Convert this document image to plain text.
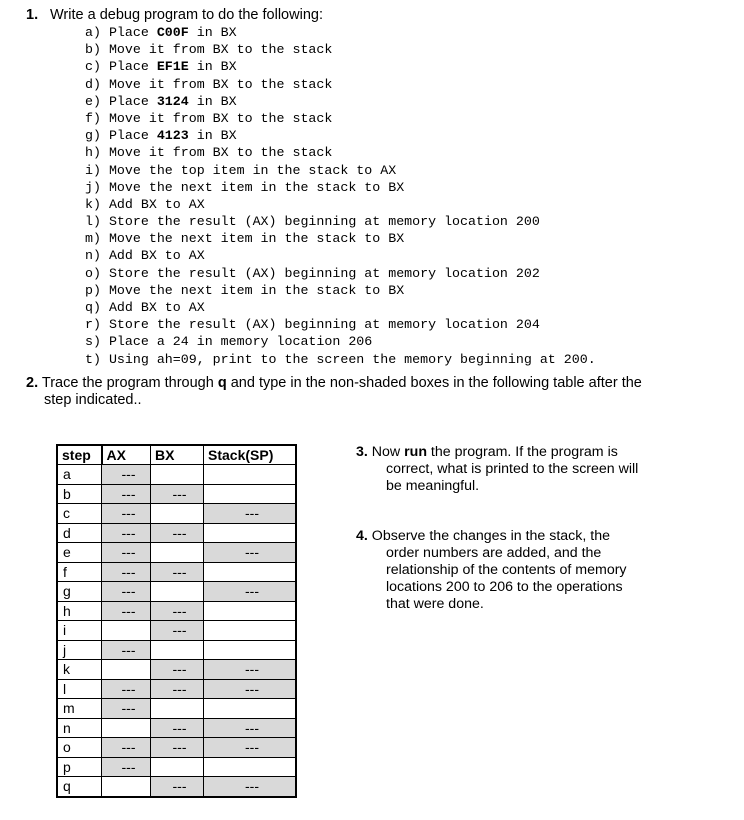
1. Write a debug program to do the following:
a) Place C00F in BX
b) Move it from BX to the stack
c) Place EF1E in BX
d) Move it from BX to the stack
e) Place 3124 in BX
f) Move it from BX to the stack
g) Place 4123 in BX
h) Move it from BX to the stack
i) Move the top item in the stack to AX
j) Move the next item in the stack to BX
k) Add BX to AX
l) Store the result (AX) beginning at memory location 200
m) Move the next item in the stack to BX
n) Add BX to AX
o) Store the result (AX) beginning at memory location 202
p) Move the next item in the stack to BX
q) Add BX to AX
r) Store the result (AX) beginning at memory location 204
s) Place a 24 in memory location 206
t) Using ah=09, print to the screen the memory beginning at 200.
2. Trace the program through q and type in the non-shaded boxes in the following table after the
step indicated..
step	AX	BX	Stack(SP)
a	---		
b	---	---	
c	---		---
d	---	---	
e	---		---
f	---	---	
g	---		---
h	---	---	
i		---	
j	---		
k		---	---
l	---	---	---
m	---		
n		---	---
o	---	---	---
p	---		
q		---	---
3. Now run the program. If the program is
correct, what is printed to the screen will
be meaningful.
4. Observe the changes in the stack, the
order numbers are added, and the
relationship of the contents of memory
locations 200 to 206 to the operations
that were done.
